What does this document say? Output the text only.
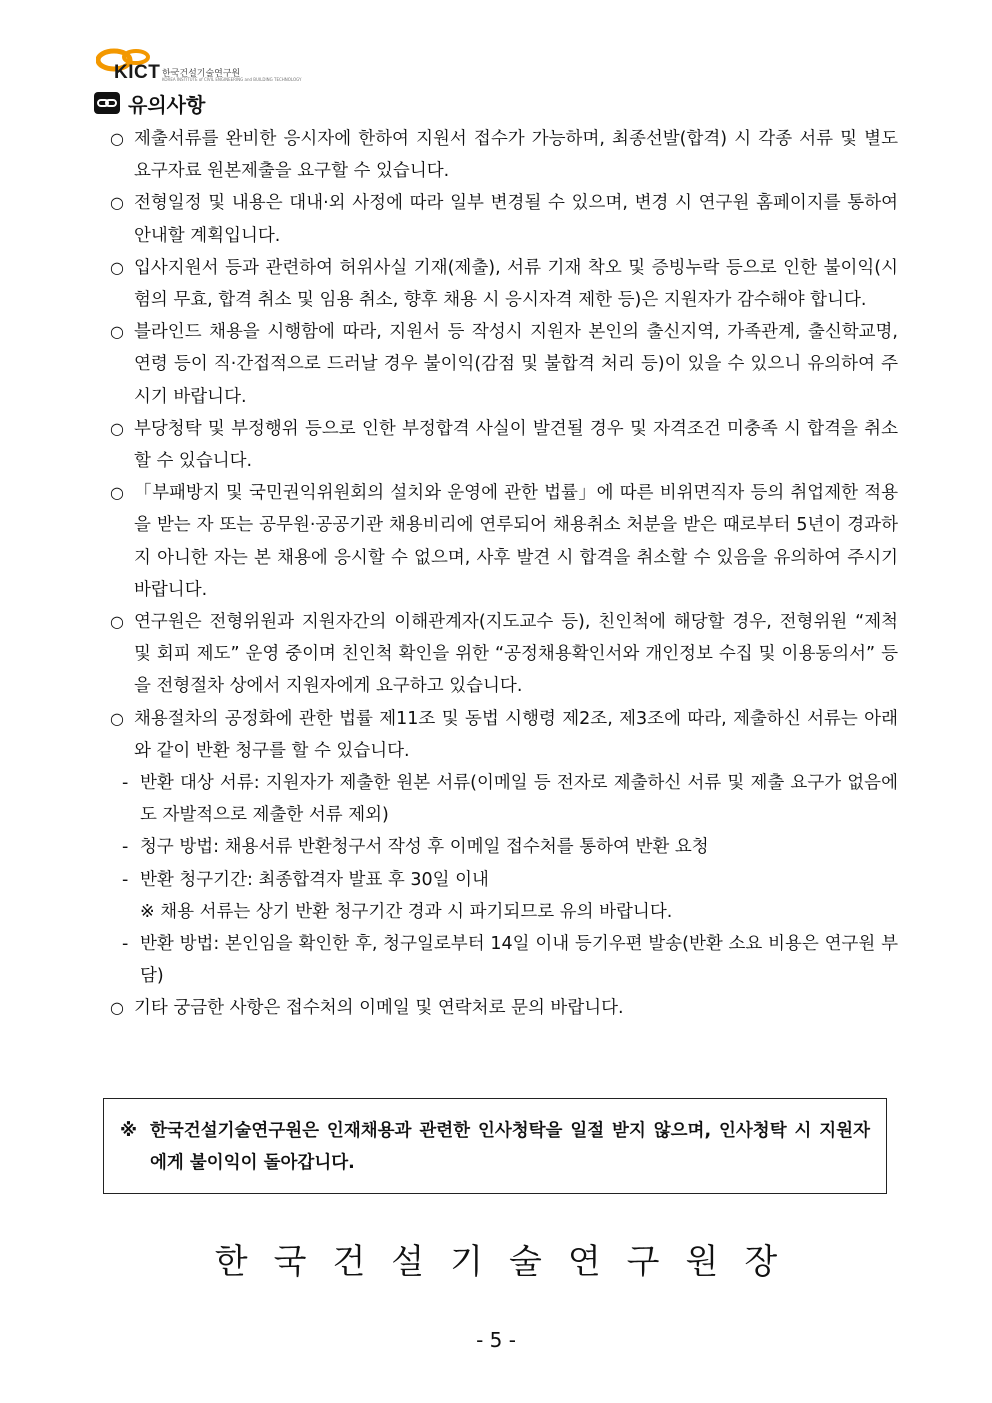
KICT 한국건설기술연구원
KOREA INSTITUTE of CIVIL ENGINEERING and BUILDING TECHNOLOGY
유의사항
○ 제출서류를 완비한 응시자에 한하여 지원서 접수가 가능하며, 최종선발(합격) 시 각종 서류 및 별도 요구자료 원본제출을 요구할 수 있습니다.
○ 전형일정 및 내용은 대내·외 사정에 따라 일부 변경될 수 있으며, 변경 시 연구원 홈페이지를 통하여 안내할 계획입니다.
○ 입사지원서 등과 관련하여 허위사실 기재(제출), 서류 기재 착오 및 증빙누락 등으로 인한 불이익(시험의 무효, 합격 취소 및 임용 취소, 향후 채용 시 응시자격 제한 등)은 지원자가 감수해야 합니다.
○ 블라인드 채용을 시행함에 따라, 지원서 등 작성시 지원자 본인의 출신지역, 가족관계, 출신학교명, 연령 등이 직·간접적으로 드러날 경우 불이익(감점 및 불합격 처리 등)이 있을 수 있으니 유의하여 주시기 바랍니다.
○ 부당청탁 및 부정행위 등으로 인한 부정합격 사실이 발견될 경우 및 자격조건 미충족 시 합격을 취소할 수 있습니다.
○ 「부패방지 및 국민권익위원회의 설치와 운영에 관한 법률」에 따른 비위면직자 등의 취업제한 적용을 받는 자 또는 공무원·공공기관 채용비리에 연루되어 채용취소 처분을 받은 때로부터 5년이 경과하지 아니한 자는 본 채용에 응시할 수 없으며, 사후 발견 시 합격을 취소할 수 있음을 유의하여 주시기 바랍니다.
○ 연구원은 전형위원과 지원자간의 이해관계자(지도교수 등), 친인척에 해당할 경우, 전형위원 “제척 및 회피 제도” 운영 중이며 친인척 확인을 위한 “공정채용확인서와 개인정보 수집 및 이용동의서” 등을 전형절차 상에서 지원자에게 요구하고 있습니다.
○ 채용절차의 공정화에 관한 법률 제11조 및 동법 시행령 제2조, 제3조에 따라, 제출하신 서류는 아래와 같이 반환 청구를 할 수 있습니다.
- 반환 대상 서류: 지원자가 제출한 원본 서류(이메일 등 전자로 제출하신 서류 및 제출 요구가 없음에도 자발적으로 제출한 서류 제외)
- 청구 방법: 채용서류 반환청구서 작성 후 이메일 접수처를 통하여 반환 요청
- 반환 청구기간: 최종합격자 발표 후 30일 이내
※ 채용 서류는 상기 반환 청구기간 경과 시 파기되므로 유의 바랍니다.
- 반환 방법: 본인임을 확인한 후, 청구일로부터 14일 이내 등기우편 발송(반환 소요 비용은 연구원 부담)
○ 기타 궁금한 사항은 접수처의 이메일 및 연락처로 문의 바랍니다.
※ 한국건설기술연구원은 인재채용과 관련한 인사청탁을 일절 받지 않으며, 인사청탁 시 지원자에게 불이익이 돌아갑니다.
한국건설기술연구원장
- 5 -
